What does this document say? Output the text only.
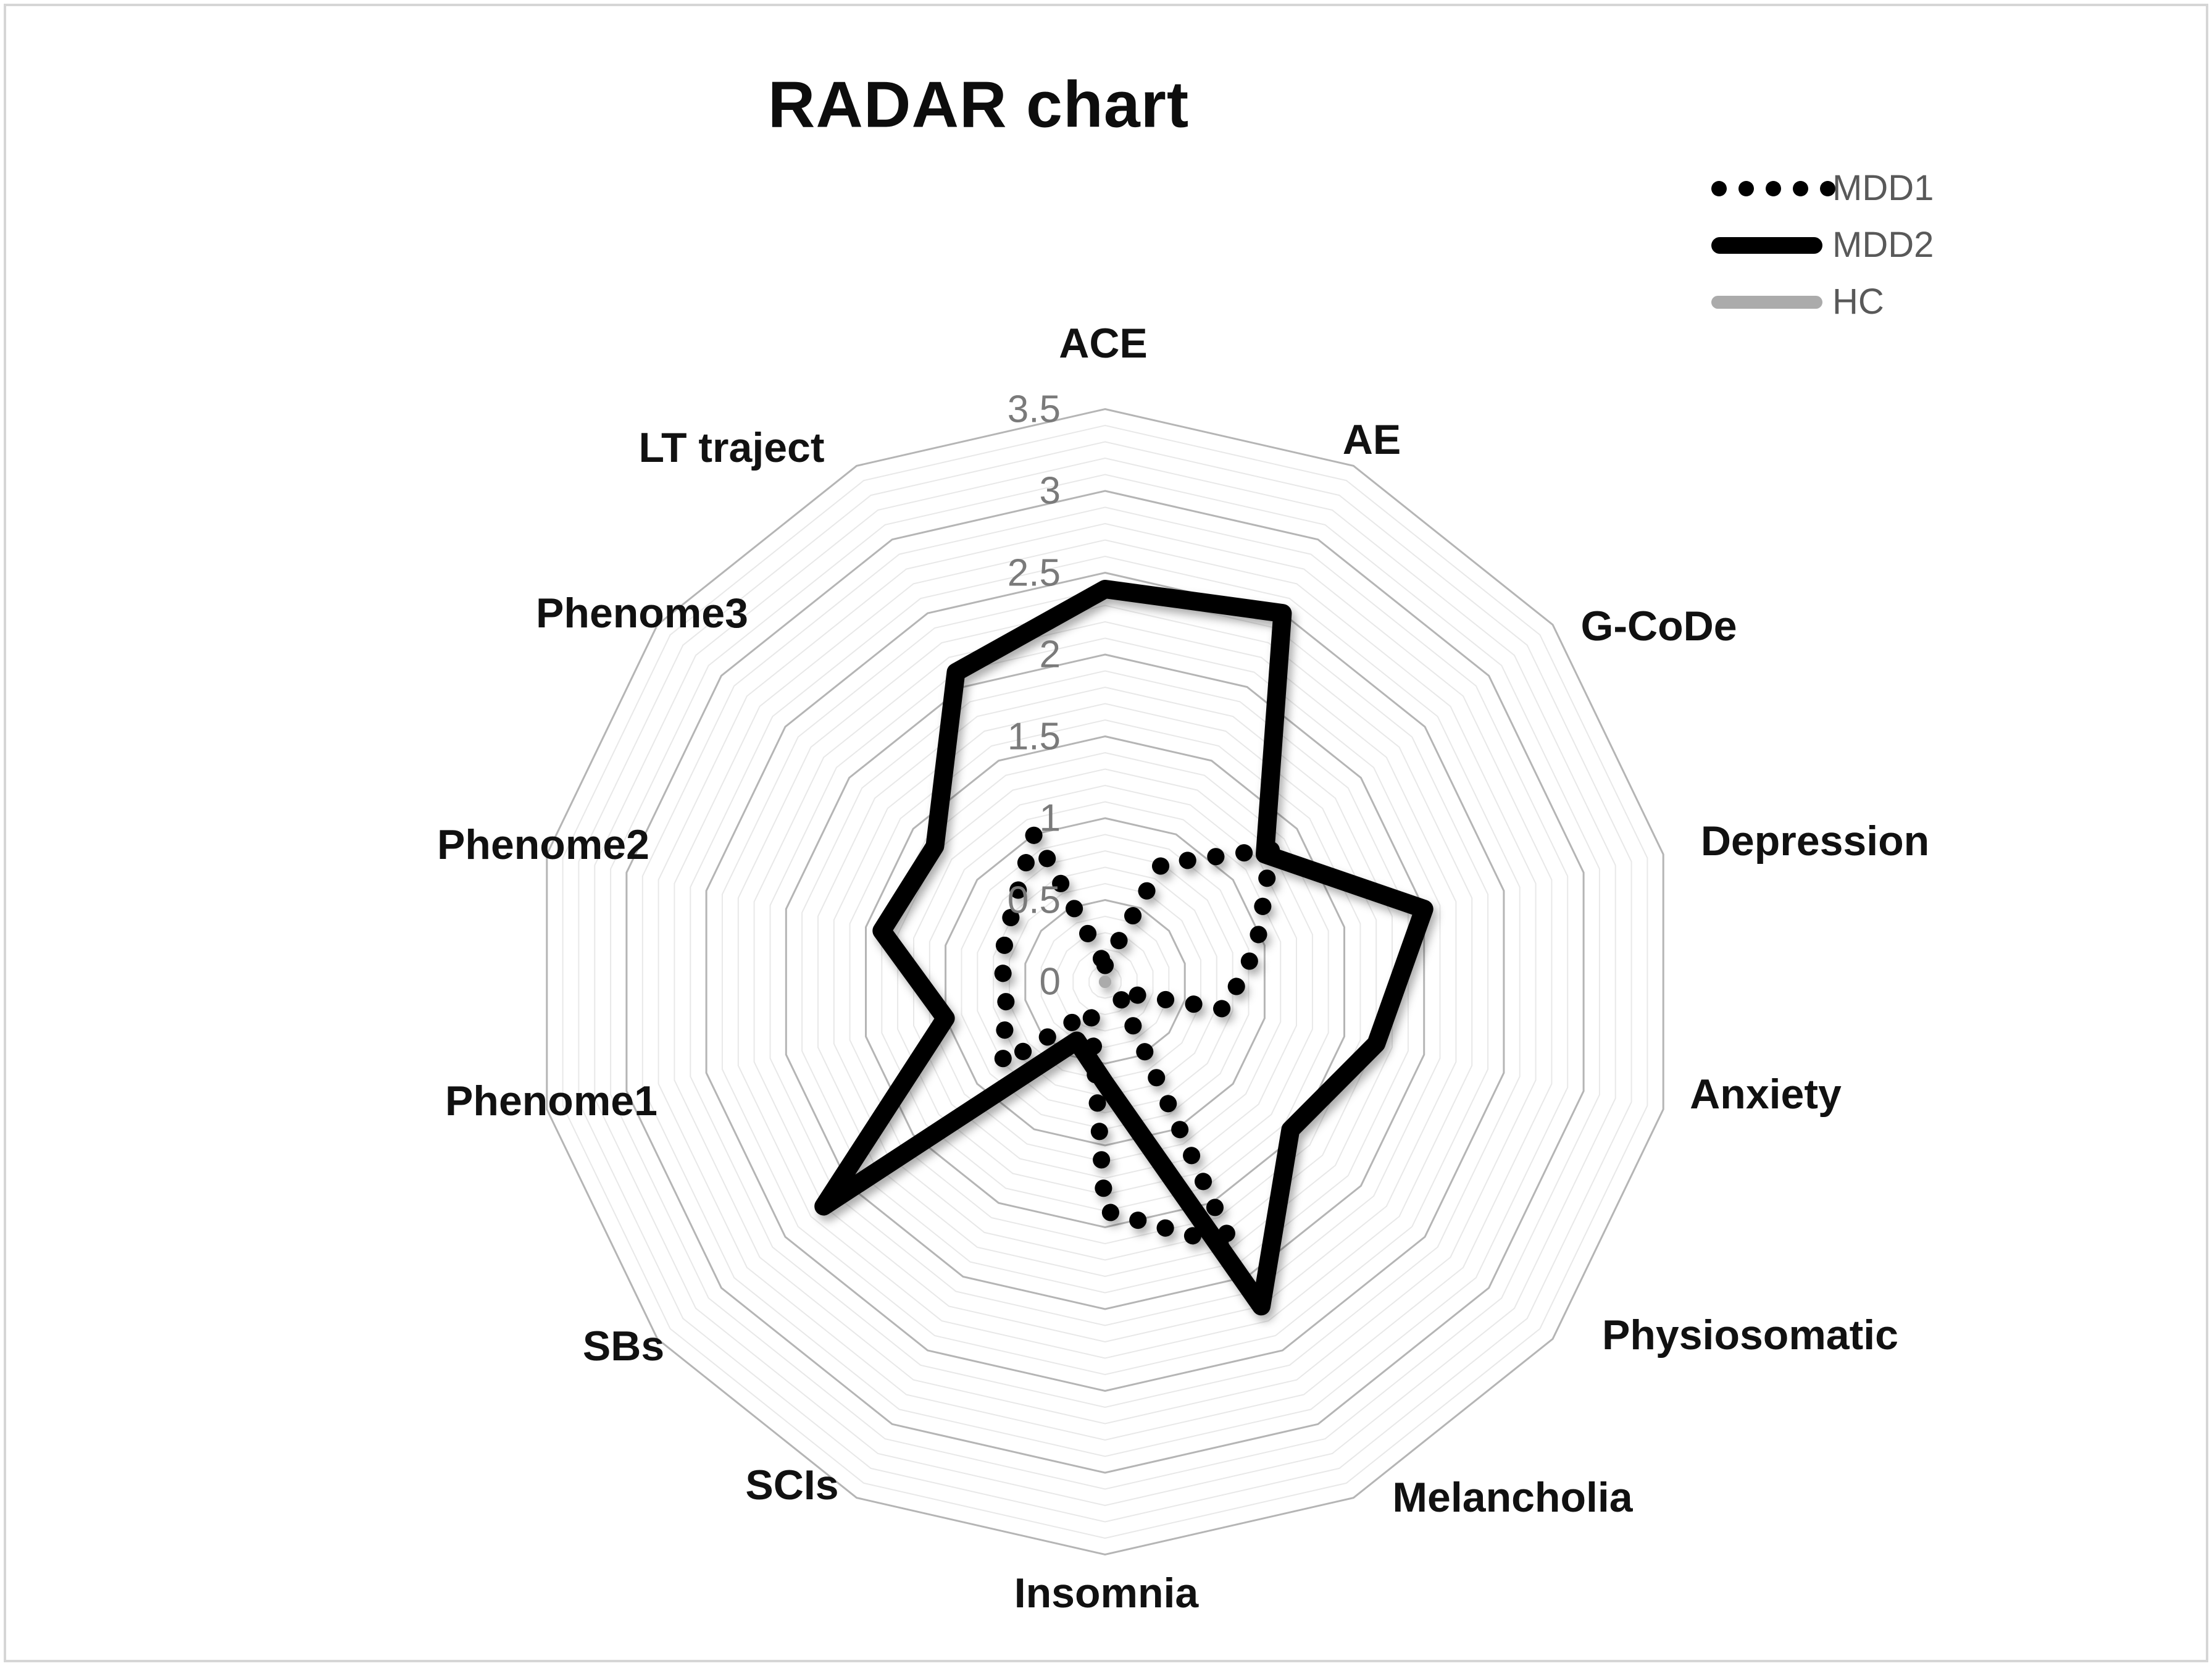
RADAR chart
0
0.5
1
1.5
2
2.5
3
3.5
ACE
AE
G-CoDe
Depression
Anxiety
Physiosomatic
Melancholia
Insomnia
SCIs
SBs
Phenome1
Phenome2
Phenome3
LT traject
MDD1
MDD2
HC
